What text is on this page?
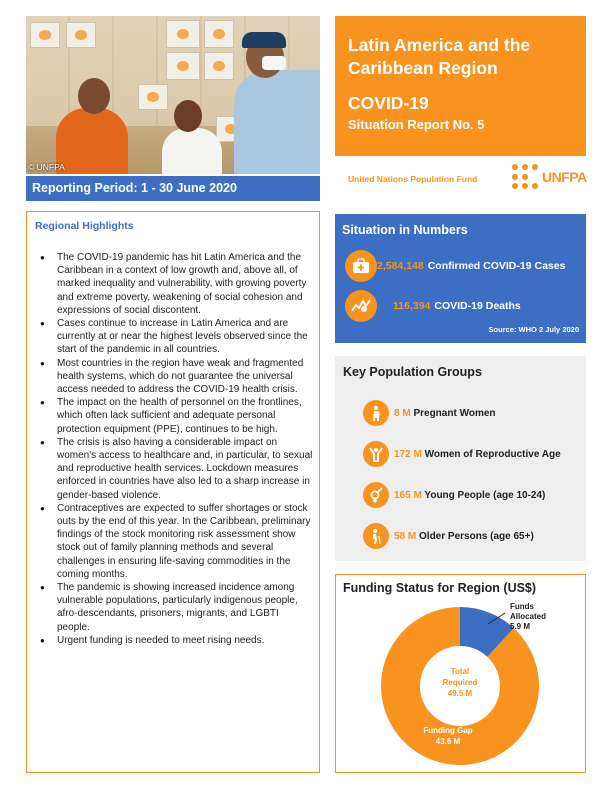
© UNFPA
Reporting Period: 1 - 30 June 2020
Latin America and the
Caribbean Region
COVID-19
Situation Report No. 5
United Nations Population Fund	UNFPA
Regional Highlights
● The COVID-19 pandemic has hit Latin America and the Caribbean in a context of low growth and, above all, of marked inequality and vulnerability, with growing poverty and extreme poverty, weakening of social cohesion and expressions of social discontent.
● Cases continue to increase in Latin America and are currently at or near the highest levels observed since the start of the pandemic in all countries.
● Most countries in the region have weak and fragmented health systems, which do not guarantee the universal access needed to address the COVID-19 health crisis.
● The impact on the health of personnel on the frontlines, which often lack sufficient and adequate personal protection equipment (PPE), continues to be high.
● The crisis is also having a considerable impact on women's access to healthcare and, in particular, to sexual and reproductive health services. Lockdown measures enforced in countries have also led to a sharp increase in gender-based violence.
● Contraceptives are expected to suffer shortages or stock outs by the end of this year. In the Caribbean, preliminary findings of the stock monitoring risk assessment show stock out of family planning methods and several challenges in ensuring life-saving commodities in the coming months.
● The pandemic is showing increased incidence among vulnerable populations, particularly indigenous people, afro-descendants, prisoners, migrants, and LGBTI people.
● Urgent funding is needed to meet rising needs.
Situation in Numbers
2,584,148 Confirmed COVID-19 Cases
116,394 COVID-19 Deaths
Source: WHO 2 July 2020
Key Population Groups
8 M Pregnant Women
172 M Women of Reproductive Age
165 M Young People (age 10-24)
58 M Older Persons (age 65+)
Funding Status for Region (US$)
Funds
Allocated
5.9 M
Total
Required
49.5 M
Funding Gap
43.6 M
